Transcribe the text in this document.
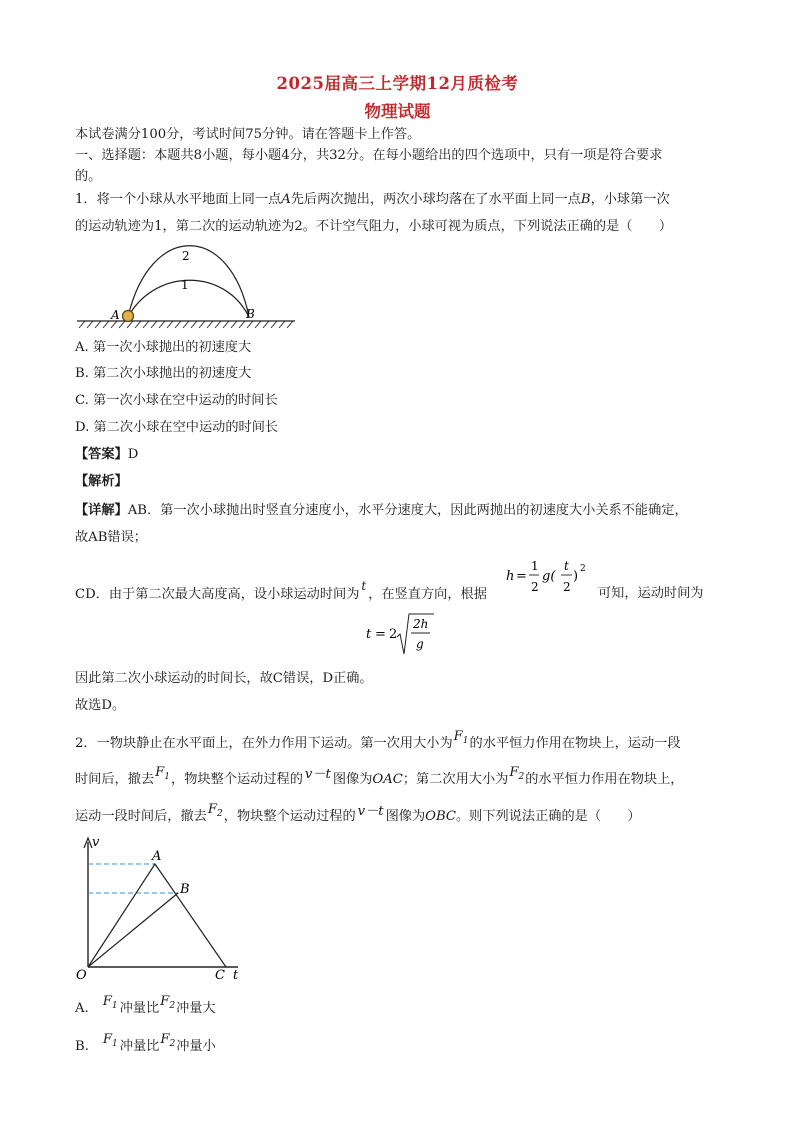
2025届高三上学期12月质检考
物理试题
本试卷满分100分，考试时间75分钟。请在答题卡上作答。
一、选择题：本题共8小题，每小题4分，共32分。在每小题给出的四个选项中，只有一项是符合要求
的。
1．将一个小球从水平地面上同一点A先后两次抛出，两次小球均落在了水平面上同一点B，小球第一次
的运动轨迹为1，第二次的运动轨迹为2。不计空气阻力，小球可视为质点，下列说法正确的是（　　）
2
1
A	B
A. 第一次小球抛出的初速度大
B. 第二次小球抛出的初速度大
C. 第一次小球在空中运动的时间长
D. 第二次小球在空中运动的时间长
【答案】D
【解析】
【详解】AB．第一次小球抛出时竖直分速度小，水平分速度大，因此两抛出的初速度大小关系不能确定，
故AB错误；
CD．由于第二次最大高度高，设小球运动时间为t，在竖直方向，根据	可知，运动时间为
h =
1
2
g(
t
2
) 2
t = 2
2h
g
因此第二次小球运动的时间长，故C错误，D正确。
故选D。
2．一物块静止在水平面上，在外力作用下运动。第一次用大小为$F_1$的水平恒力作用在物块上，运动一段
时间后，撤去$F_1$，物块整个运动过程的 v－t 图像为OAC；第二次用大小为$F_2$的水平恒力作用在物块上，
运动一段时间后，撤去$F_2$，物块整个运动过程的 v－t 图像为OBC。则下列说法正确的是（　　）
v
O
A
B
C t
A. $F_1$ 冲量比$F_2$冲量大
B. $F_1$ 冲量比$F_2$冲量小
